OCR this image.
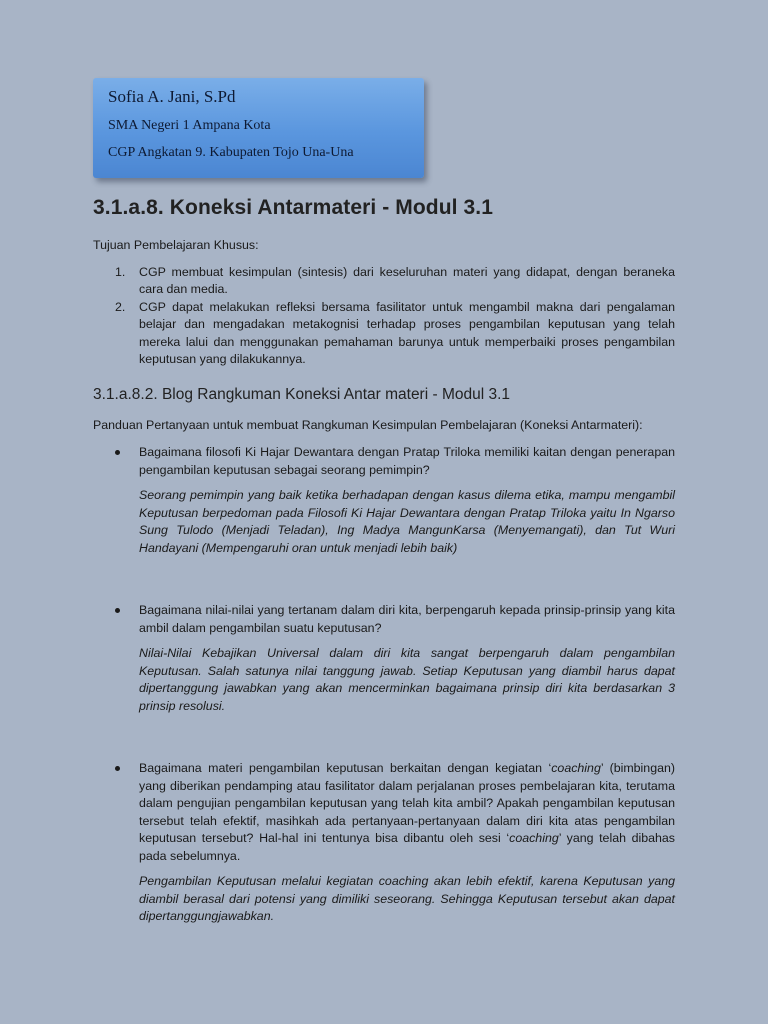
Sofia A. Jani, S.Pd
SMA Negeri 1 Ampana Kota
CGP Angkatan 9. Kabupaten Tojo Una-Una
3.1.a.8. Koneksi Antarmateri - Modul 3.1

Tujuan Pembelajaran Khusus:

1. CGP membuat kesimpulan (sintesis) dari keseluruhan materi yang didapat, dengan beraneka cara dan media.
2. CGP dapat melakukan refleksi bersama fasilitator untuk mengambil makna dari pengalaman belajar dan mengadakan metakognisi terhadap proses pengambilan keputusan yang telah mereka lalui dan menggunakan pemahaman barunya untuk memperbaiki proses pengambilan keputusan yang dilakukannya.
3.1.a.8.2. Blog Rangkuman Koneksi Antar materi - Modul 3.1

Panduan Pertanyaan untuk membuat Rangkuman Kesimpulan Pembelajaran (Koneksi Antarmateri):

Bagaimana filosofi Ki Hajar Dewantara dengan Pratap Triloka memiliki kaitan dengan penerapan pengambilan keputusan sebagai seorang pemimpin?

Seorang pemimpin yang baik ketika berhadapan dengan kasus dilema etika, mampu mengambil Keputusan berpedoman pada Filosofi Ki Hajar Dewantara dengan Pratap Triloka yaitu In Ngarso Sung Tulodo (Menjadi Teladan), Ing Madya MangunKarsa (Menyemangati), dan Tut Wuri Handayani (Mempengaruhi oran untuk menjadi lebih baik)

Bagaimana nilai-nilai yang tertanam dalam diri kita, berpengaruh kepada prinsip-prinsip yang kita ambil dalam pengambilan suatu keputusan?

Nilai-Nilai Kebajikan Universal dalam diri kita sangat berpengaruh dalam pengambilan Keputusan. Salah satunya nilai tanggung jawab. Setiap Keputusan yang diambil harus dapat dipertanggung jawabkan yang akan mencerminkan bagaimana prinsip diri kita berdasarkan 3 prinsip resolusi.

Bagaimana materi pengambilan keputusan berkaitan dengan kegiatan ‘coaching’ (bimbingan) yang diberikan pendamping atau fasilitator dalam perjalanan proses pembelajaran kita, terutama dalam pengujian pengambilan keputusan yang telah kita ambil? Apakah pengambilan keputusan tersebut telah efektif, masihkah ada pertanyaan-pertanyaan dalam diri kita atas pengambilan keputusan tersebut? Hal-hal ini tentunya bisa dibantu oleh sesi ‘coaching’ yang telah dibahas pada sebelumnya.

Pengambilan Keputusan melalui kegiatan coaching akan lebih efektif, karena Keputusan yang diambil berasal dari potensi yang dimiliki seseorang. Sehingga Keputusan tersebut akan dapat dipertanggungjawabkan.
